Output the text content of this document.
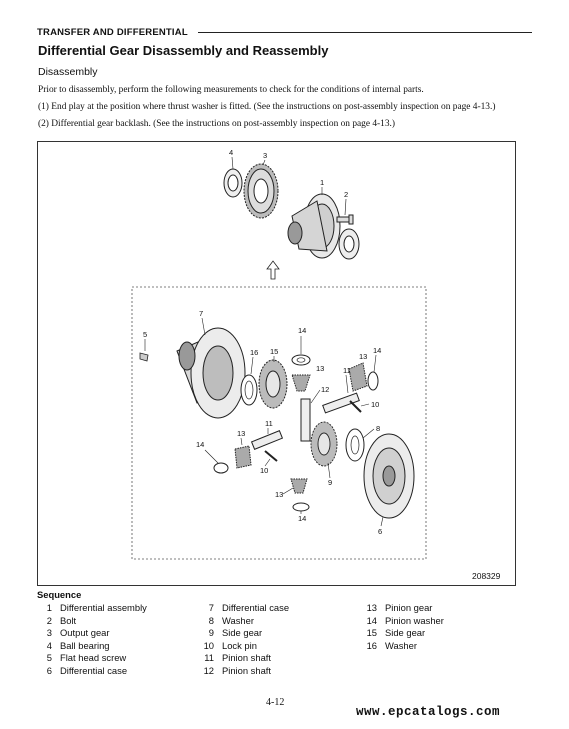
TRANSFER AND DIFFERENTIAL
Differential Gear Disassembly and Reassembly
Disassembly
Prior to disassembly, perform the following measurements to check for the conditions of internal parts.
(1) End play at the position where thrust washer is fitted. (See the instructions on post-assembly inspection on page 4-13.)
(2) Differential gear backlash. (See the instructions on post-assembly inspection on page 4-13.)
4	3
1
2
7
5
16 15
14
13
12
13
14
11
10
9
8
6
14
13
11
10
13
14
208329
Sequence
1 Differential assembly
2 Bolt
3 Output gear
4 Ball bearing
5 Flat head screw
6 Differential case
7 Differential case
8 Washer
9 Side gear
10 Lock pin
11 Pinion shaft
12 Pinion shaft
13 Pinion gear
14 Pinion washer
15 Side gear
16 Washer
4-12
www.epcatalogs.com
